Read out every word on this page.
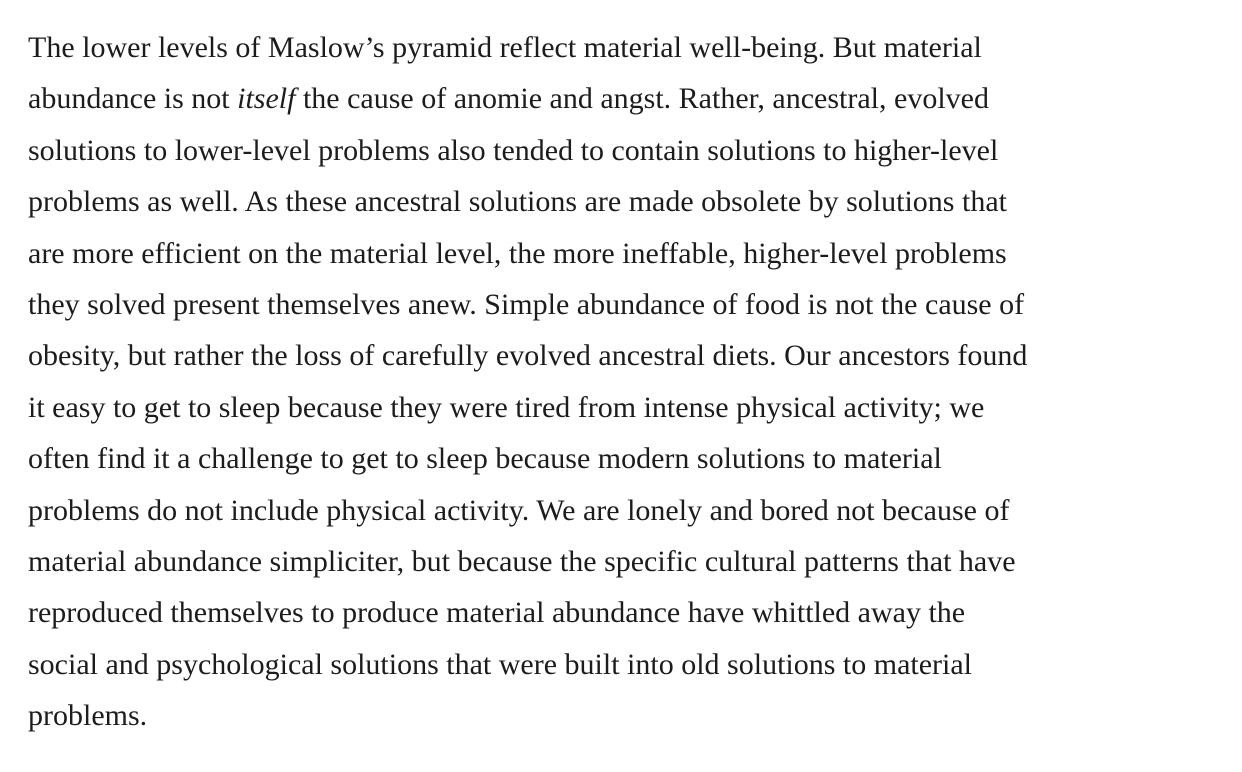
The lower levels of Maslow’s pyramid reflect material well-being. But material
abundance is not itself the cause of anomie and angst. Rather, ancestral, evolved
solutions to lower-level problems also tended to contain solutions to higher-level
problems as well. As these ancestral solutions are made obsolete by solutions that
are more efficient on the material level, the more ineffable, higher-level problems
they solved present themselves anew. Simple abundance of food is not the cause of
obesity, but rather the loss of carefully evolved ancestral diets. Our ancestors found
it easy to get to sleep because they were tired from intense physical activity; we
often find it a challenge to get to sleep because modern solutions to material
problems do not include physical activity. We are lonely and bored not because of
material abundance simpliciter, but because the specific cultural patterns that have
reproduced themselves to produce material abundance have whittled away the
social and psychological solutions that were built into old solutions to material
problems.
